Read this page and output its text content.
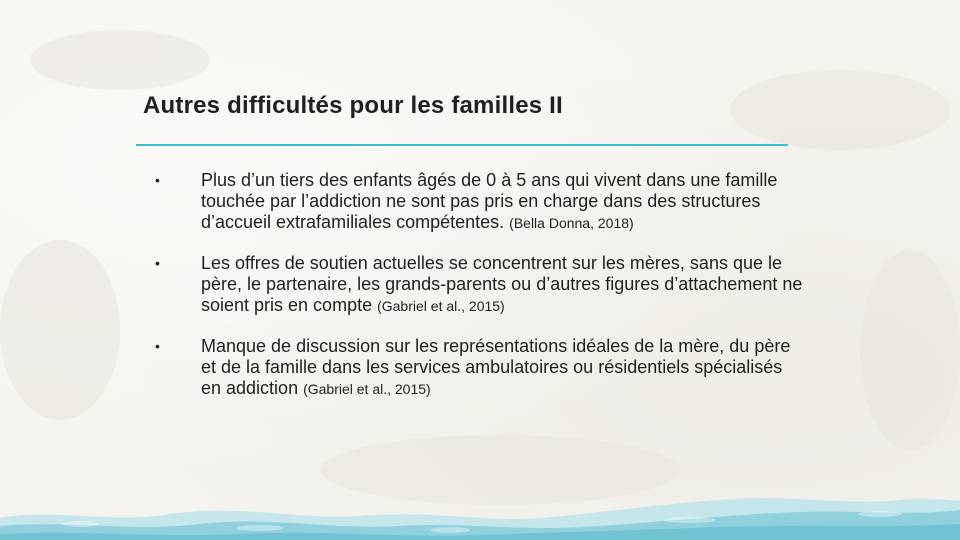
Autres difficultés pour les familles II
• Plus d’un tiers des enfants âgés de 0 à 5 ans qui vivent dans une famille touchée par l’addiction ne sont pas pris en charge dans des structures d’accueil extrafamiliales compétentes. (Bella Donna, 2018)
• Les offres de soutien actuelles se concentrent sur les mères, sans que le père, le partenaire, les grands-parents ou d’autres figures d’attachement ne soient pris en compte (Gabriel et al., 2015)
• Manque de discussion sur les représentations idéales de la mère, du père et de la famille dans les services ambulatoires ou résidentiels spécialisés en addiction (Gabriel et al., 2015)
